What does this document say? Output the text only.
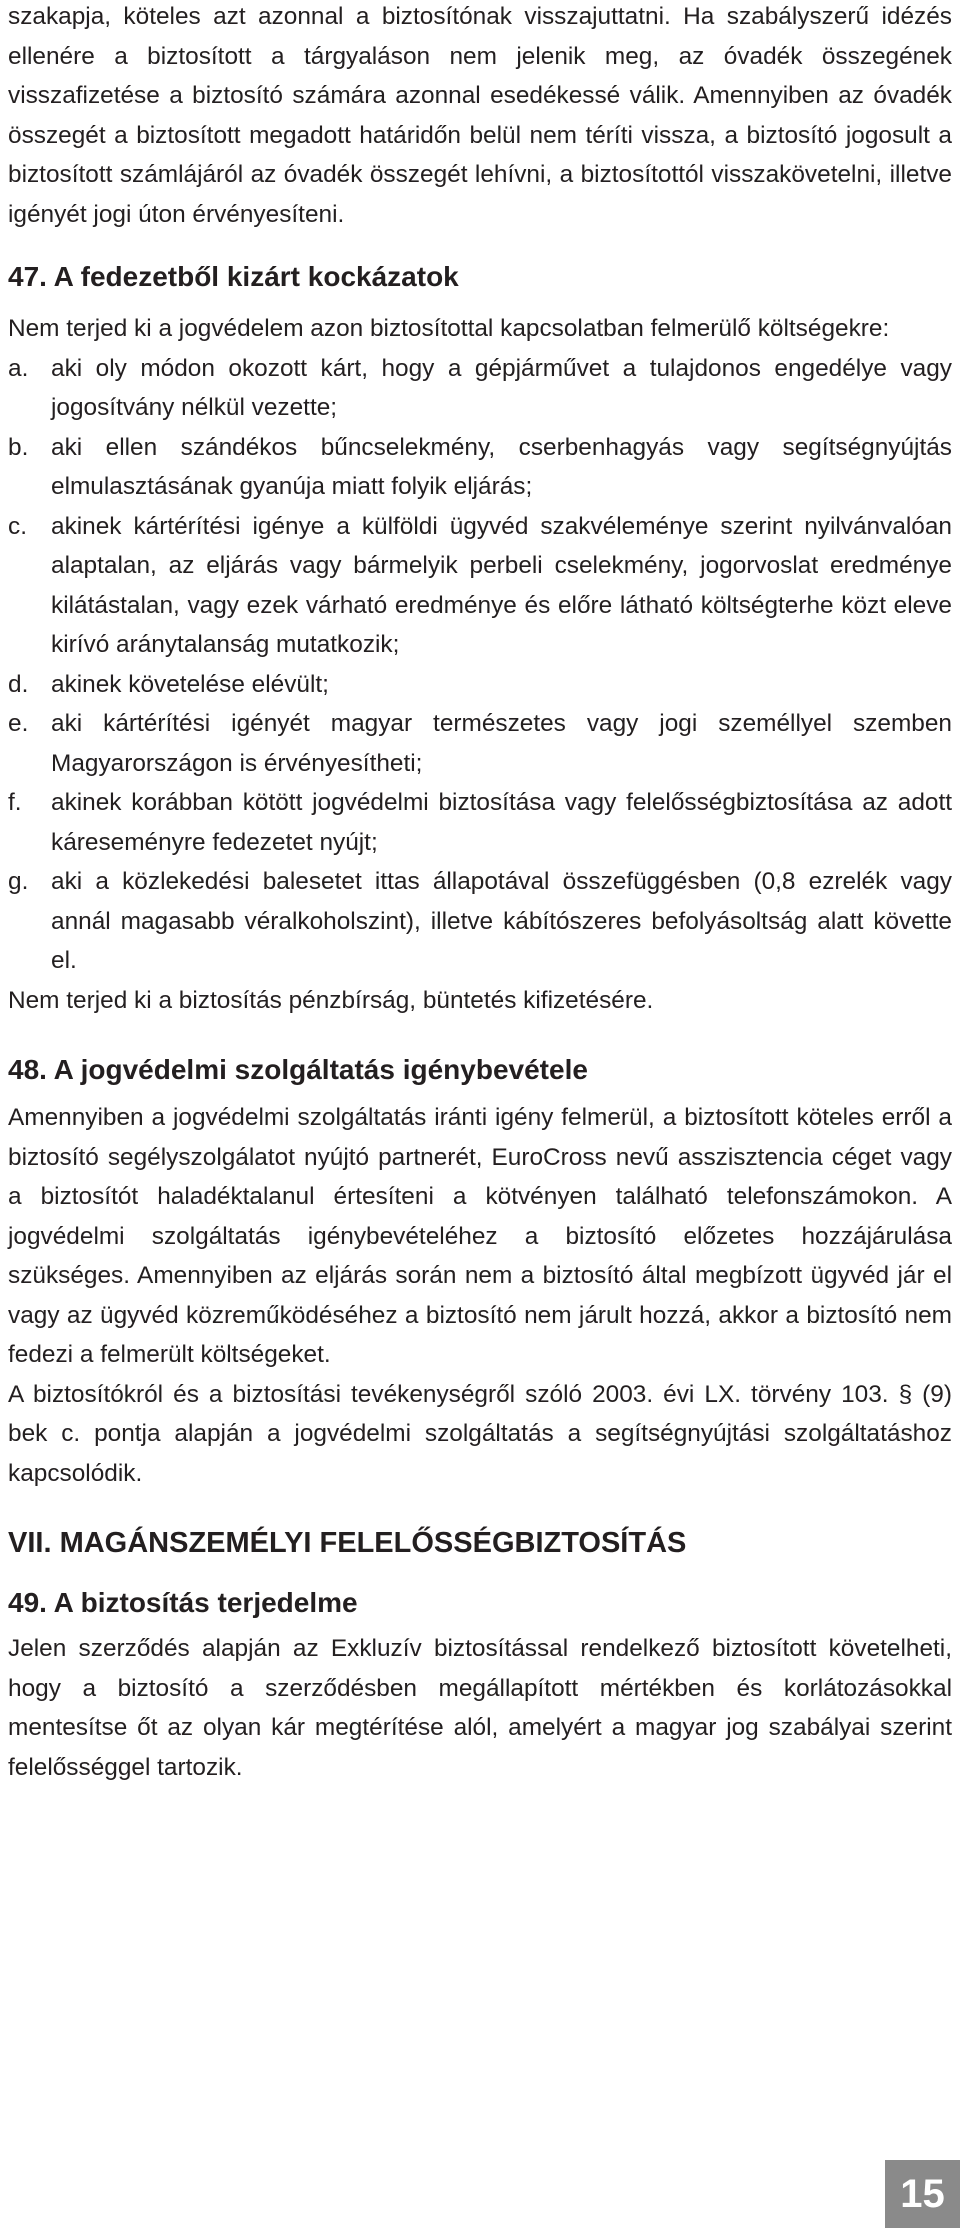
szakapja, köteles azt azonnal a biztosítónak visszajuttatni. Ha szabályszerű idézés ellenére a biztosított a tárgyaláson nem jelenik meg, az óvadék összegének visszafizetése a biztosító számára azonnal esedékessé válik. Amennyiben az óvadék összegét a biztosított megadott határidőn belül nem téríti vissza, a biztosító jogosult a biztosított számlájáról az óvadék összegét lehívni, a biztosítottól visszakövetelni, illetve igényét jogi úton érvényesíteni.

47. A fedezetből kizárt kockázatok

Nem terjed ki a jogvédelem azon biztosítottal kapcsolatban felmerülő költségekre:

a. aki oly módon okozott kárt, hogy a gépjárművet a tulajdonos engedélye vagy jogosítvány nélkül vezette;
b. aki ellen szándékos bűncselekmény, cserbenhagyás vagy segítségnyújtás elmulasztásának gyanúja miatt folyik eljárás;
c. akinek kártérítési igénye a külföldi ügyvéd szakvéleménye szerint nyilvánvalóan alaptalan, az eljárás vagy bármelyik perbeli cselekmény, jogorvoslat eredménye kilátástalan, vagy ezek várható eredménye és előre látható költségterhe közt eleve kirívó aránytalanság mutatkozik;
d. akinek követelése elévült;
e. aki kártérítési igényét magyar természetes vagy jogi személlyel szemben Magyarországon is érvényesítheti;
f.	akinek korábban kötött jogvédelmi biztosítása vagy felelősségbiztosítása az adott káreseményre fedezetet nyújt;
g. aki a közlekedési balesetet ittas állapotával összefüggésben (0,8 ezrelék vagy annál magasabb véralkoholszint), illetve kábítószeres befolyásoltság alatt követte el.

Nem terjed ki a biztosítás pénzbírság, büntetés kifizetésére.

48. A jogvédelmi szolgáltatás igénybevétele

Amennyiben a jogvédelmi szolgáltatás iránti igény felmerül, a biztosított köteles erről a biztosító segélyszolgálatot nyújtó partnerét, EuroCross nevű asszisztencia céget vagy a biztosítót haladéktalanul értesíteni a kötvényen található telefonszámokon. A jogvédelmi szolgáltatás igénybevételéhez a biztosító előzetes hozzájárulása szükséges. Amennyiben az eljárás során nem a biztosító által megbízott ügyvéd jár el vagy az ügyvéd közreműködéséhez a biztosító nem járult hozzá, akkor a biztosító nem fedezi a felmerült költségeket.

A biztosítókról és a biztosítási tevékenységről szóló 2003. évi LX. törvény 103. § (9) bek c. pontja alapján a jogvédelmi szolgáltatás a segítségnyújtási szolgáltatáshoz kapcsolódik.

VII. MAGÁNSZEMÉLYI FELELŐSSÉGBIZTOSÍTÁS
49. A biztosítás terjedelme

Jelen szerződés alapján az Exkluzív biztosítással rendelkező biztosított követelheti, hogy a biztosító a szerződésben megállapított mértékben és korlátozásokkal mentesítse őt az olyan kár megtérítése alól, amelyért a magyar jog szabályai szerint felelősséggel tartozik.

15
